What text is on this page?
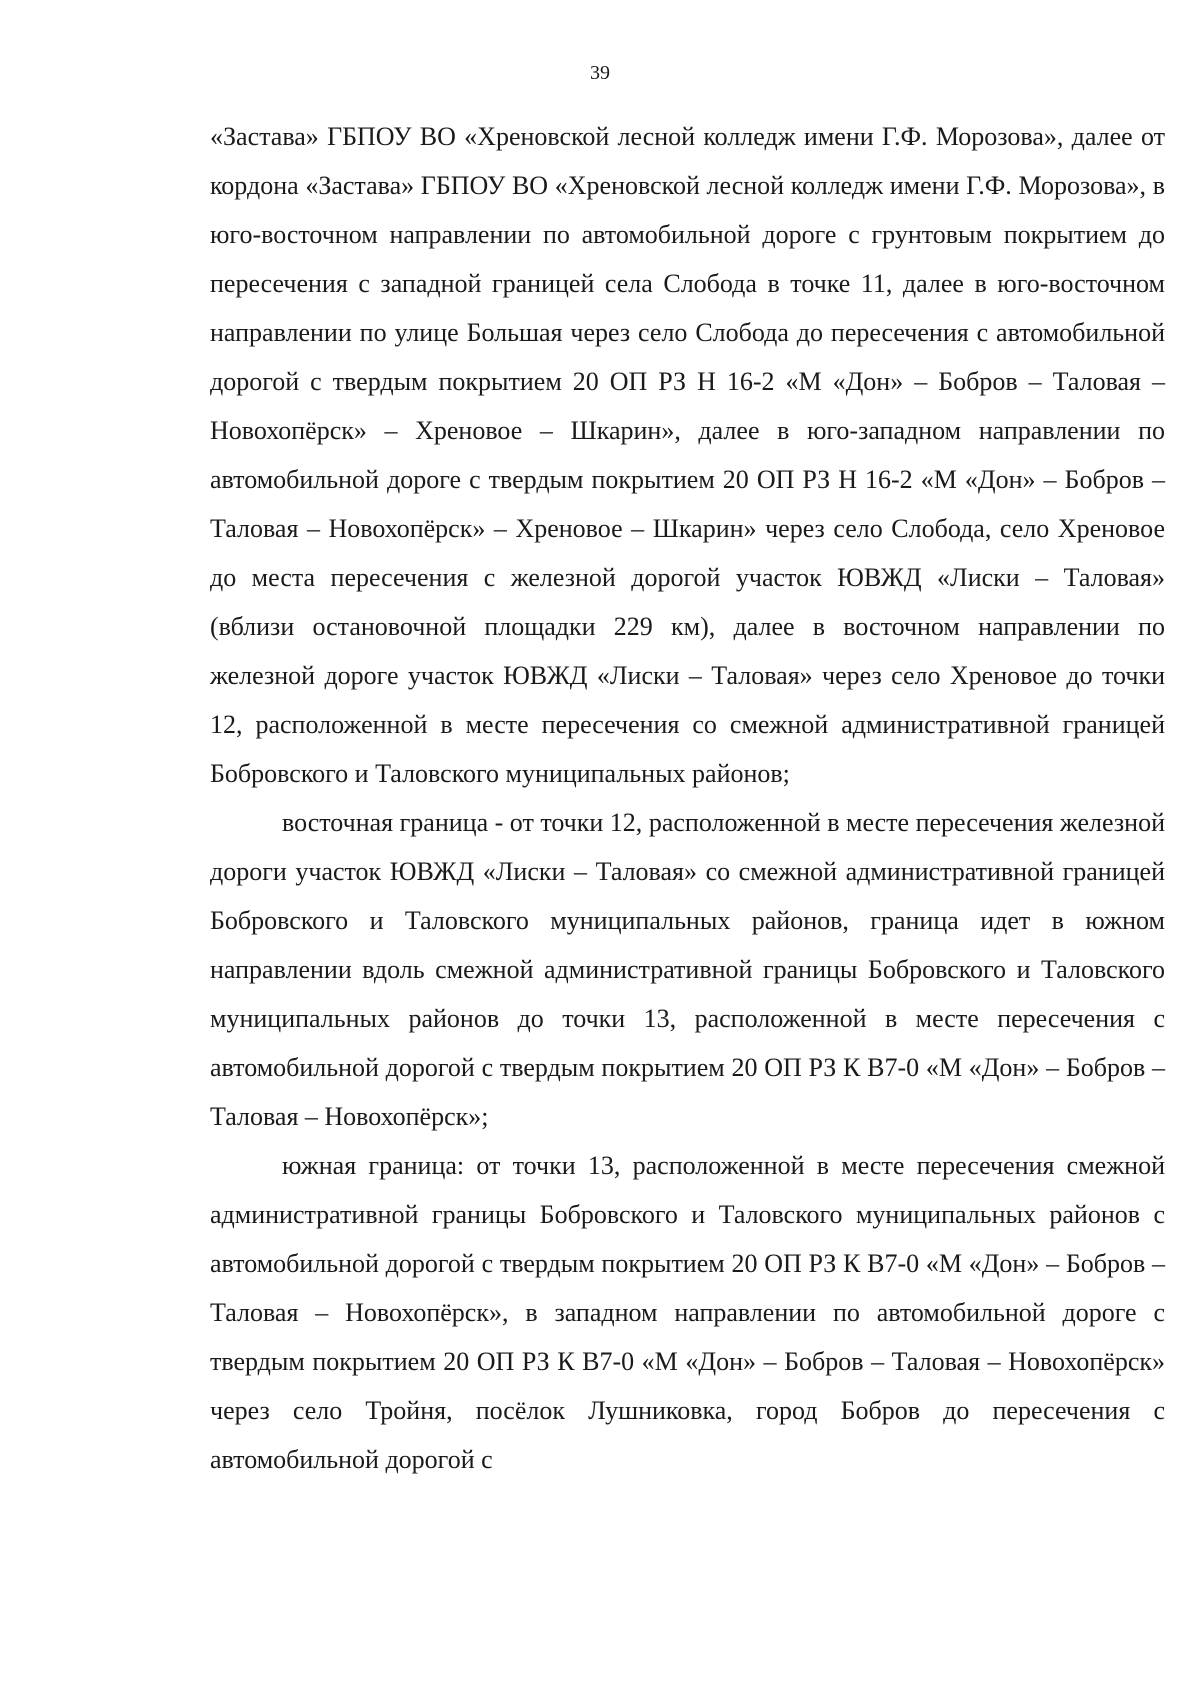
39

«Застава» ГБПОУ ВО «Хреновской лесной колледж имени Г.Ф. Морозова», далее от кордона «Застава» ГБПОУ ВО «Хреновской лесной колледж имени Г.Ф. Морозова», в юго-восточном направлении по автомобильной дороге с грунтовым покрытием до пересечения с западной границей села Слобода в точке 11, далее в юго-восточном направлении по улице Большая через село Слобода до пересечения с автомобильной дорогой с твердым покрытием 20 ОП РЗ Н 16-2 «М «Дон» – Бобров – Таловая – Новохопёрск» – Хреновое – Шкарин», далее в юго-западном направлении по автомобильной дороге с твердым покрытием 20 ОП РЗ Н 16-2 «М «Дон» – Бобров – Таловая – Новохопёрск» – Хреновое – Шкарин» через село Слобода, село Хреновое до места пересечения с железной дорогой участок ЮВЖД «Лиски – Таловая» (вблизи остановочной площадки 229 км), далее в восточном направлении по железной дороге участок ЮВЖД «Лиски – Таловая» через село Хреновое до точки 12, расположенной в месте пересечения со смежной административной границей Бобровского и Таловского муниципальных районов;

восточная граница - от точки 12, расположенной в месте пересечения железной дороги участок ЮВЖД «Лиски – Таловая» со смежной административной границей Бобровского и Таловского муниципальных районов, граница идет в южном направлении вдоль смежной административной границы Бобровского и Таловского муниципальных районов до точки 13, расположенной в месте пересечения с автомобильной дорогой с твердым покрытием 20 ОП РЗ К В7-0 «М «Дон» – Бобров – Таловая – Новохопёрск»;

южная граница: от точки 13, расположенной в месте пересечения смежной административной границы Бобровского и Таловского муниципальных районов с автомобильной дорогой с твердым покрытием 20 ОП РЗ К В7-0 «М «Дон» – Бобров – Таловая – Новохопёрск», в западном направлении по автомобильной дороге с твердым покрытием 20 ОП РЗ К В7-0 «М «Дон» – Бобров – Таловая – Новохопёрск» через село Тройня, посёлок Лушниковка, город Бобров до пересечения с автомобильной дорогой с
